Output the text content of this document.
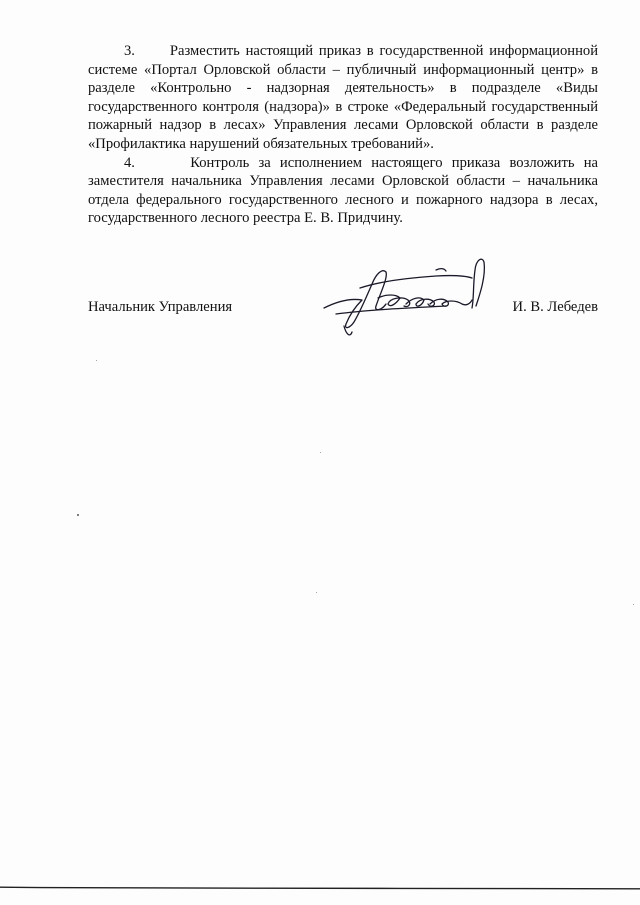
3. Разместить настоящий приказ в государственной информационной системе «Портал Орловской области – публичный информационный центр» в разделе «Контрольно - надзорная деятельность» в подразделе «Виды государственного контроля (надзора)» в строке «Федеральный государственный пожарный надзор в лесах» Управления лесами Орловской области в разделе «Профилактика нарушений обязательных требований».

4.	Контроль за исполнением настоящего приказа возложить на заместителя начальника Управления лесами Орловской области – начальника отдела федерального государственного лесного и пожарного надзора в лесах, государственного лесного реестра Е. В. Придчину.

Начальник Управления	И. В. Лебедев
